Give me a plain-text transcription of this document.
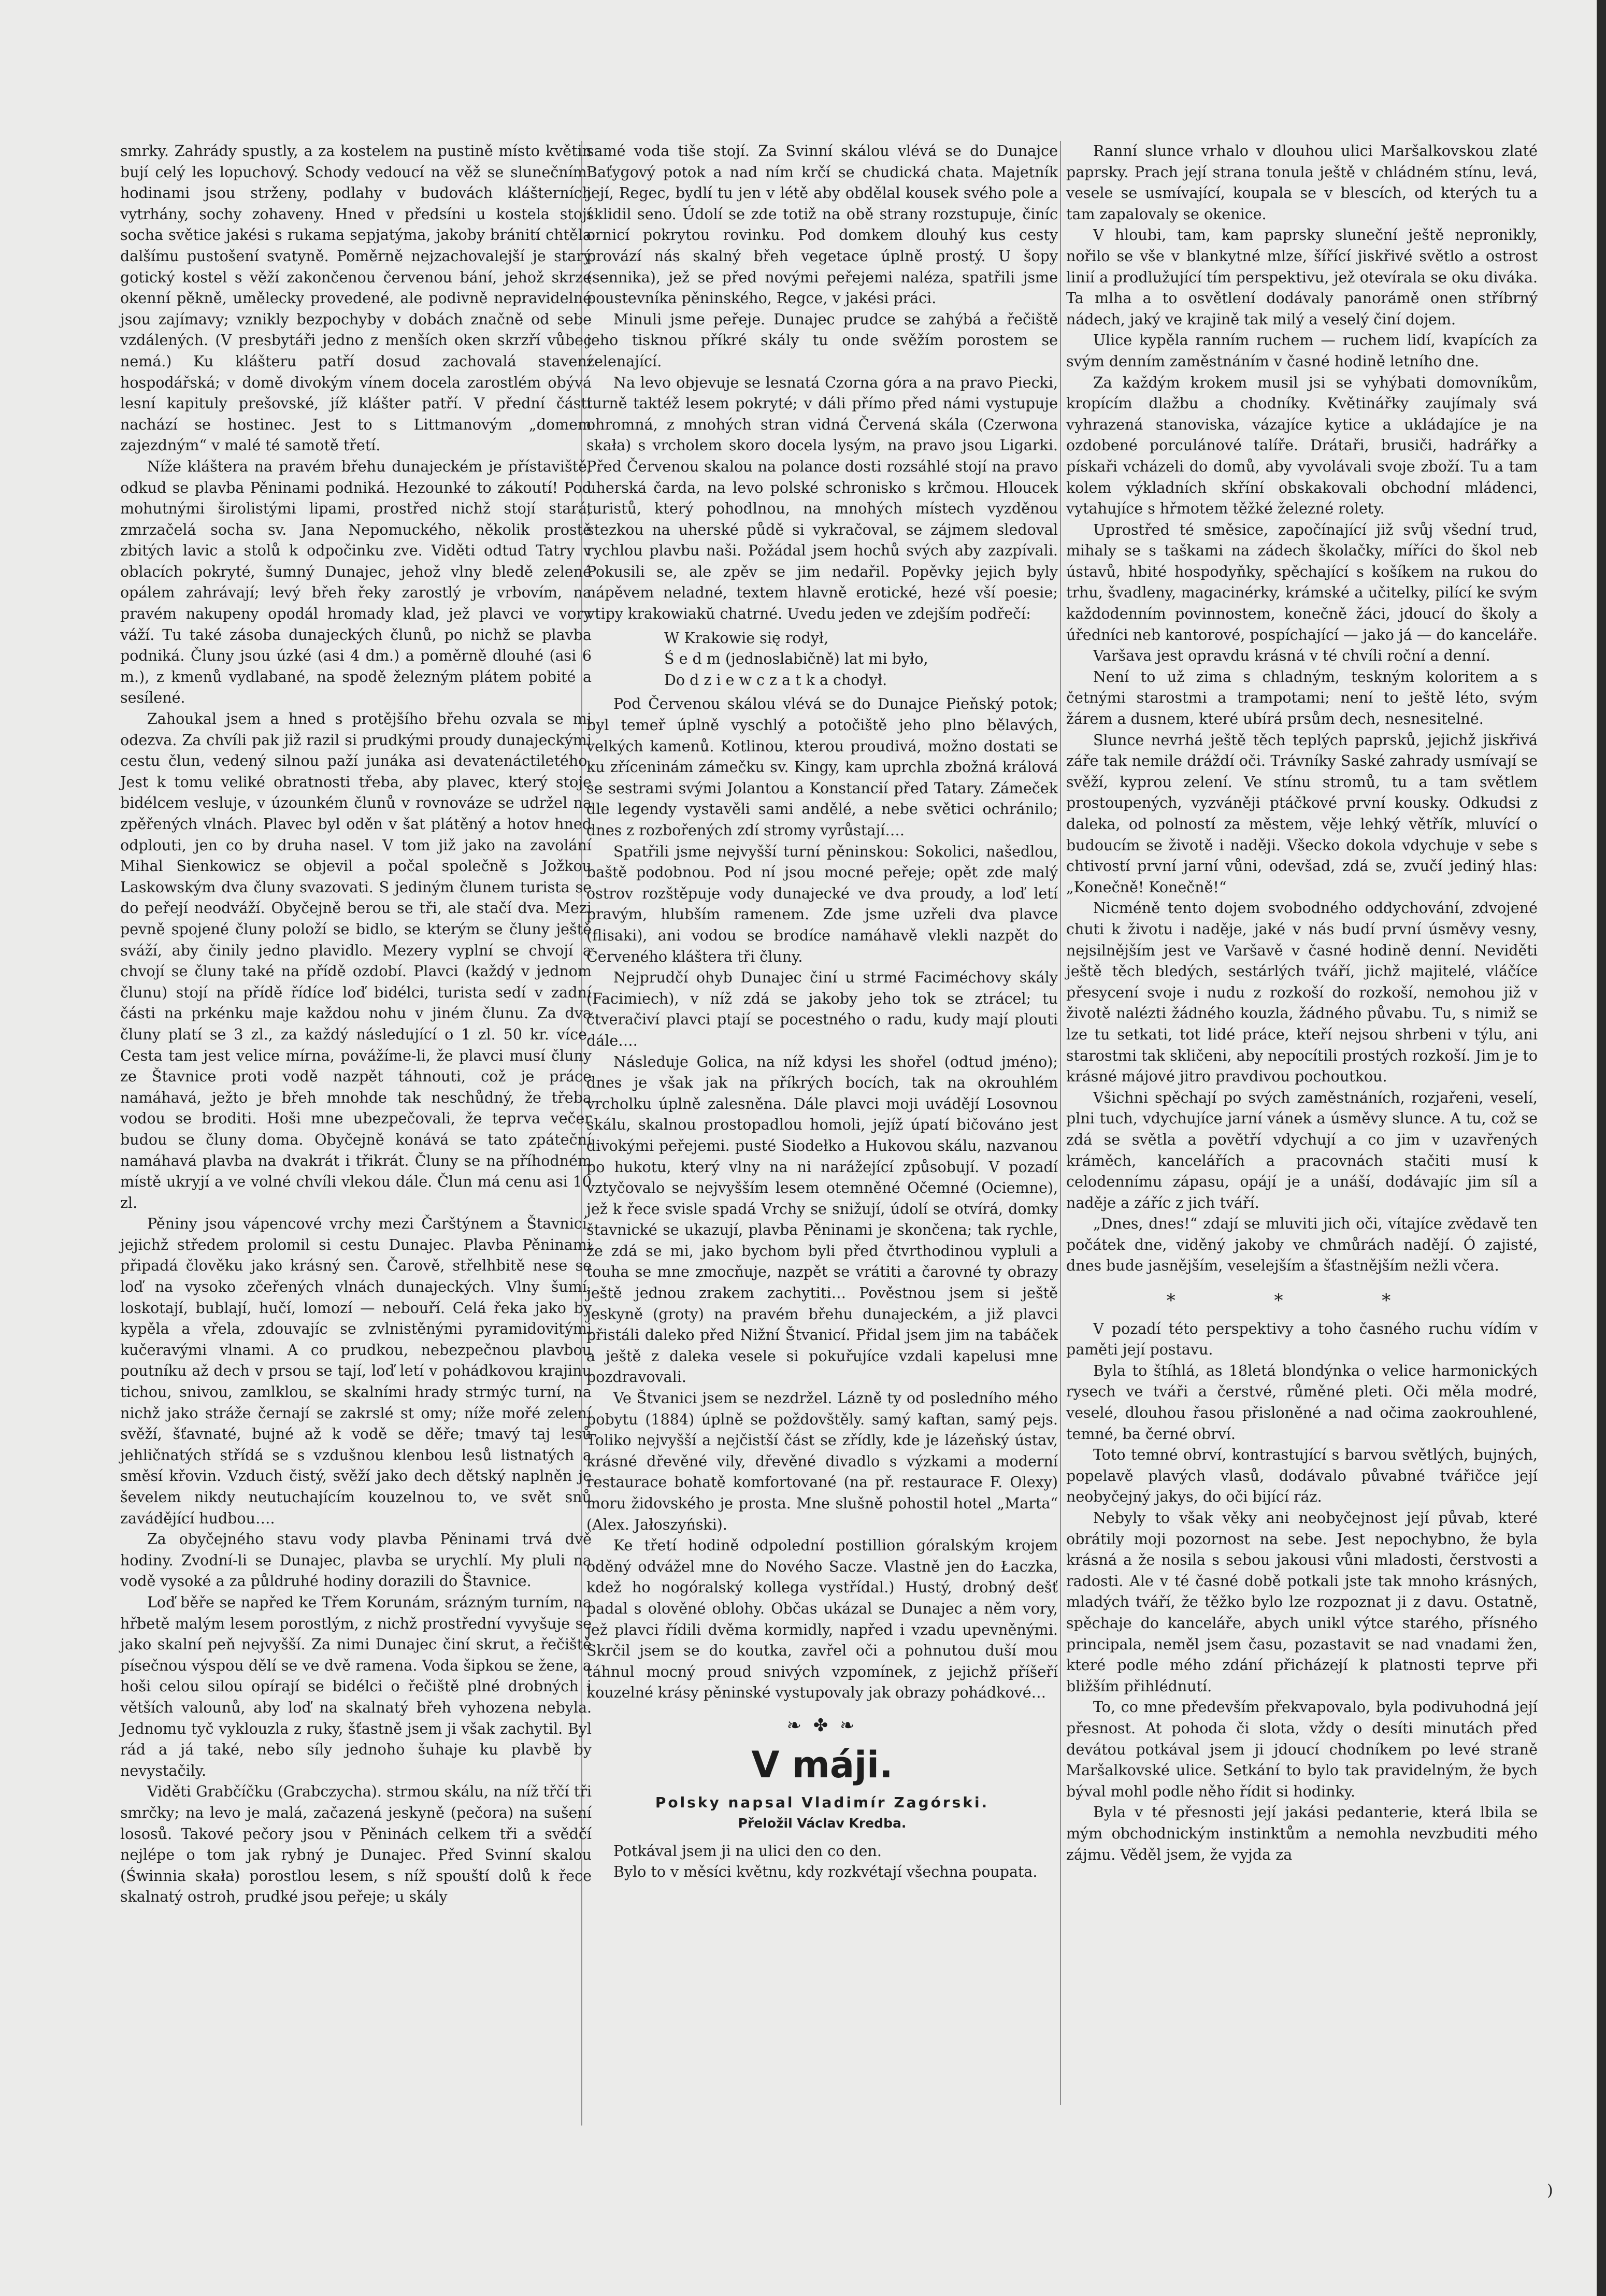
smrky. Zahrády spustly, a za kostelem na pustině místo květin bují celý les lopuchový. Schody vedoucí na věž se slunečními hodinami jsou strženy, podlahy v budovách klášterních vytrhány, sochy zohaveny. Hned v předsíni u kostela stojí socha světice jakési s rukama sepjatýma, jakoby bránití chtěla dalšímu pustošení svatyně. Poměrně nejzachovalejší je starý gotický kostel s věží zakončenou červenou bání, jehož skrze okenní pěkně, umělecky provedené, ale podivně nepravidelné jsou zajímavy; vznikly bezpochyby v dobách značně od sebe vzdálených. (V presbytáři jedno z menších oken skrzří vůbec nemá.) Ku klášteru patří dosud zachovalá stavení hospodářská; v domě divokým vínem docela zarostlém obývá lesní kapituly prešovské, jíž klášter patří. V přední části nachází se hostinec. Jest to s Littmanovým „domem zajezdným“ v malé té samotě třetí.

Níže kláštera na pravém břehu dunajeckém je přístaviště, odkud se plavba Pěninami podniká. Hezounké to zákoutí! Pod mohutnými širolistými lipami, prostřed nichž stojí stará, zmrzačelá socha sv. Jana Nepomuckého, několik prostě zbitých lavic a stolů k odpočinku zve. Viděti odtud Tatry v oblacích pokryté, šumný Dunajec, jehož vlny bledě zelené opálem zahrávají; levý břeh řeky zarostlý je vrbovím, na pravém nakupeny opodál hromady klad, jež plavci ve vory váží. Tu také zásoba dunajeckých člunů, po nichž se plavba podniká. Čluny jsou úzké (asi 4 dm.) a poměrně dlouhé (asi 6 m.), z kmenů vydlabané, na spodě železným plátem pobité a sesílené.

Zahoukal jsem a hned s protějšího břehu ozvala se mi odezva. Za chvíli pak již razil si prudkými proudy dunajeckými cestu člun, vedený silnou paží junáka asi devatenáctiletého. Jest k tomu veliké obratnosti třeba, aby plavec, který stoje bidélcem vesluje, v úzounkém člunů v rovnováze se udržel na zpěřených vlnách. Plavec byl oděn v šat plátěný a hotov hned odplouti, jen co by druha nasel. V tom již jako na zavolání Mihal Sienkowicz se objevil a počal společně s Jožkou Laskowským dva čluny svazovati. S jediným člunem turista se do peřejí neodváží. Obyčejně berou se tři, ale stačí dva. Mezi pevně spojené čluny položí se bidlo, se kterým se čluny ještě sváží, aby činily jedno plavidlo. Mezery vyplní se chvojí a chvojí se čluny také na přídě ozdobí. Plavci (každý v jednom člunu) stojí na přídě řídíce loď bidélci, turista sedí v zadní části na prkénku maje každou nohu v jiném člunu. Za dva čluny platí se 3 zl., za každý následující o 1 zl. 50 kr. více. Cesta tam jest velice mírna, povážíme-li, že plavci musí čluny ze Štavnice proti vodě nazpět táhnouti, což je práce namáhavá, ježto je břeh mnohde tak neschůdný, že třeba vodou se broditi. Hoši mne ubezpečovali, že teprva večer budou se čluny doma. Obyčejně konává se tato zpáteční namáhavá plavba na dvakrát i třikrát. Čluny se na příhodném místě ukryjí a ve volné chvíli vlekou dále. Člun má cenu asi 10 zl.

Pěniny jsou vápencové vrchy mezi Čarštýnem a Štavnicí, jejichž středem prolomil si cestu Dunajec. Plavba Pěninami připadá člověku jako krásný sen. Čarově, střelhbitě nese se loď na vysoko zčeřených vlnách dunajeckých. Vlny šumí, loskotají, bublají, hučí, lomozí — nebouří. Celá řeka jako by kypěla a vřela, zdouvajíc se zvlnistěnými pyramidovitými kučeravými vlnami. A co prudkou, nebezpečnou plavbou poutníku až dech v prsou se tají, loď letí v pohádkovou krajinu tichou, snivou, zamlklou, se skalními hrady strmýc turní, na nichž jako stráže černají se zakrslé st omy; níže mořé zelení svěží, šťavnaté, bujné až k vodě se děře; tmavý taj lesů jehličnatých střídá se s vzdušnou klenbou lesů listnatých a směsí křovin. Vzduch čistý, svěží jako dech dětský naplněn je ševelem nikdy neutuchajícím kouzelnou to, ve svět snů zavádějící hudbou….

Za obyčejného stavu vody plavba Pěninami trvá dvě hodiny. Zvodní-li se Dunajec, plavba se urychlí. My pluli na vodě vysoké a za půldruhé hodiny dorazili do Štavnice.

Loď běře se napřed ke Třem Korunám, srázným turním, na hřbetě malým lesem porostlým, z nichž prostřední vyvyšuje se jako skalní peň nejvyšší. Za nimi Dunajec činí skrut, a řečiště písečnou výspou dělí se ve dvě ramena. Voda šipkou se žene, a hoši celou silou opírají se bidélci o řečiště plné drobných i větších valounů, aby loď na skalnatý břeh vyhozena nebyla. Jednomu tyč vyklouzla z ruky, šťastně jsem ji však zachytil. Byl rád a já také, nebo síly jednoho šuhaje ku plavbě by nevystačily.

Viděti Grabčíčku (Grabczycha). strmou skálu, na níž třčí tři smrčky; na levo je malá, začazená jeskyně (pečora) na sušení lososů. Takové pečory jsou v Pěninách celkem tři a svědčí nejlépe o tom jak rybný je Dunajec. Před Svinní skalou (Świnnia skała) porostlou lesem, s níž spouští dolů k řece skalnatý ostroh, prudké jsou peřeje; u skály

samé voda tiše stojí. Za Svinní skálou vlévá se do Dunajce Baťygový potok a nad ním krčí se chudická chata. Majetník její, Regec, bydlí tu jen v létě aby obdělal kousek svého pole a sklidil seno. Údolí se zde totiž na obě strany rozstupuje, činíc ornicí pokrytou rovinku. Pod domkem dlouhý kus cesty provází nás skalný břeh vegetace úplně prostý. U šopy (sennika), jež se před novými peřejemi naléza, spatřili jsme poustevníka pěninského, Regce, v jakési práci.

Minuli jsme peřeje. Dunajec prudce se zahýbá a řečiště jeho tisknou příkré skály tu onde svěžím porostem se zelenající.

Na levo objevuje se lesnatá Czorna góra a na pravo Piecki, turně taktéž lesem pokryté; v dáli přímo před námi vystupuje ohromná, z mnohých stran vidná Červená skála (Czerwona skała) s vrcholem skoro docela lysým, na pravo jsou Ligarki. Před Červenou skalou na polance dosti rozsáhlé stojí na pravo uherská čarda, na levo polské schronisko s krčmou. Hloucek turistů, který pohodlnou, na mnohých místech vyzděnou stezkou na uherské půdě si vykračoval, se zájmem sledoval rychlou plavbu naši. Požádal jsem hochů svých aby zazpívali. Pokusili se, ale zpěv se jim nedařil. Popěvky jejich byly nápěvem neladné, textem hlavně erotické, hezé vší poesie; vtipy krakowiakŭ chatrné. Uvedu jeden ve zdejším podřečí:

W Krakowie się rodył,
Ś e d m (jednoslabičně) lat mi było,
Do d z i e w c z a t k a chodył.

Pod Červenou skálou vlévá se do Dunajce Pieňský potok; byl temeř úplně vyschlý a potočiště jeho plno bělavých, velkých kamenů. Kotlinou, kterou proudivá, možno dostati se ku zříceninám zámečku sv. Kingy, kam uprchla zbožná králová se sestrami svými Jolantou a Konstancií před Tatary. Zámeček dle legendy vystavěli sami andělé, a nebe světici ochránilo; dnes z rozbořených zdí stromy vyrůstají….

Spatřili jsme nejvyšší turní pěninskou: Sokolici, našedlou, baště podobnou. Pod ní jsou mocné peřeje; opět zde malý ostrov rozštěpuje vody dunajecké ve dva proudy, a loď letí pravým, hlubším ramenem. Zde jsme uzřeli dva plavce (flisaki), ani vodou se brodíce namáhavě vlekli nazpět do Červeného kláštera tři čluny.

Nejprudčí ohyb Dunajec činí u strmé Faciméchovy skály (Facimiech), v níž zdá se jakoby jeho tok se ztrácel; tu čtveračiví plavci ptají se pocestného o radu, kudy mají plouti dále….

Následuje Golica, na níž kdysi les shořel (odtud jméno); dnes je však jak na příkrých bocích, tak na okrouhlém vrcholku úplně zalesněna. Dále plavci moji uvádějí Losovnou skálu, skalnou prostopadlou homoli, jejíž úpatí bičováno jest divokými peřejemi. pusté Siodełko a Hukovou skálu, nazvanou po hukotu, který vlny na ni narážející způsobují. V pozadí vztyčovalo se nejvyšším lesem otemněné Očemné (Ociemne), jež k řece svisle spadá Vrchy se snižují, údolí se otvírá, domky štavnické se ukazují, plavba Pěninami je skončena; tak rychle, že zdá se mi, jako bychom byli před čtvrthodinou vypluli a touha se mne zmocňuje, nazpět se vrátiti a čarovné ty obrazy ještě jednou zrakem zachytiti… Pověstnou jsem si ještě jeskyně (groty) na pravém břehu dunajeckém, a již plavci přistáli daleko před Nižní Štvanicí. Přidal jsem jim na tabáček a ještě z daleka vesele si pokuřujíce vzdali kapelusi mne pozdravovali.

Ve Štvanici jsem se nezdržel. Lázně ty od posledního mého pobytu (1884) úplně se poždovštěly. samý kaftan, samý pejs. Toliko nejvyšší a nejčistší část se zřídly, kde je lázeňský ústav, krásné dřevěné vily, dřevěné divadlo s výzkami a moderní restaurace bohatě komfortované (na př. restaurace F. Olexy) moru židovského je prosta. Mne slušně pohostil hotel „Marta“ (Alex. Jałoszyński).

Ke třetí hodině odpolední postillion góralským krojem oděný odvážel mne do Nového Sacze. Vlastně jen do Łaczka, kdež ho nogóralský kollega vystřídal.) Hustý, drobný dešť padal s olověné oblohy. Občas ukázal se Dunajec a něm vory, jež plavci řídili dvěma kormidly, napřed i vzadu upevněnými. Skrčil jsem se do koutka, zavřel oči a pohnutou duší mou táhnul mocný proud snivých vzpomínek, z jejichž příšeří kouzelné krásy pěninské vystupovaly jak obrazy pohádkové…

❧ ✤ ❧
V máji.
Polsky napsal Vladimír Zagórski.
Přeložil Václav Kredba.

Potkával jsem ji na ulici den co den.

Bylo to v měsíci květnu, kdy rozkvétají všechna poupata.

Ranní slunce vrhalo v dlouhou ulici Maršalkovskou zlaté paprsky. Prach její strana tonula ještě v chládném stínu, levá, vesele se usmívající, koupala se v blescích, od kterých tu a tam zapalovaly se okenice.

V hloubi, tam, kam paprsky sluneční ještě nepronikly, nořilo se vše v blankytné mlze, šířící jiskřivé světlo a ostrost linií a prodlužující tím perspektivu, jež otevírala se oku diváka. Ta mlha a to osvětlení dodávaly panorámě onen stříbrný nádech, jaký ve krajině tak milý a veselý činí dojem.

Ulice kypěla ranním ruchem — ruchem lidí, kvapících za svým denním zaměstnáním v časné hodině letního dne.

Za každým krokem musil jsi se vyhýbati domovníkům, kropícím dlažbu a chodníky. Květinářky zaujímaly svá vyhrazená stanoviska, vázajíce kytice a ukládajíce je na ozdobené porculánové talíře. Drátaři, brusiči, hadrářky a pískaři vcházeli do domů, aby vyvolávali svoje zboží. Tu a tam kolem výkladních skříní obskakovali obchodní mládenci, vytahujíce s hřmotem těžké železné rolety.

Uprostřed té směsice, započínající již svůj všední trud, mihaly se s taškami na zádech školačky, míříci do škol neb ústavů, hbité hospodyňky, spěchající s košíkem na rukou do trhu, švadleny, magacinérky, krámské a učitelky, pilící ke svým každodenním povinnostem, konečně žáci, jdoucí do školy a úředníci neb kantorové, pospíchající — jako já — do kanceláře.

Varšava jest opravdu krásná v té chvíli roční a denní.

Není to už zima s chladným, teskným koloritem a s četnými starostmi a trampotami; není to ještě léto, svým žárem a dusnem, které ubírá prsům dech, nesnesitelné.

Slunce nevrhá ještě těch teplých paprsků, jejichž jiskřivá záře tak nemile dráždí oči. Trávníky Saské zahrady usmívají se svěží, kyprou zelení. Ve stínu stromů, tu a tam světlem prostoupených, vyzváněji ptáčkové první kousky. Odkudsi z daleka, od polností za městem, věje lehký větřík, mluvící o budoucím se životě i naději. Všecko dokola vdychuje v sebe s chtivostí první jarní vůni, odevšad, zdá se, zvučí jediný hlas: „Konečně! Konečně!“

Nicméně tento dojem svobodného oddychování, zdvojené chuti k životu i naděje, jaké v nás budí první úsměvy vesny, nejsilnějším jest ve Varšavě v časné hodině denní. Neviděti ještě těch bledých, sestárlých tváří, jichž majitelé, vláčíce přesycení svoje i nudu z rozkoší do rozkoší, nemohou již v životě nalézti žádného kouzla, žádného půvabu. Tu, s nimiž se lze tu setkati, tot lidé práce, kteří nejsou shrbeni v týlu, ani starostmi tak skličeni, aby nepocítili prostých rozkoší. Jim je to krásné májové jitro pravdivou pochoutkou.

Všichni spěchají po svých zaměstnáních, rozjařeni, veselí, plni tuch, vdychujíce jarní vánek a úsměvy slunce. A tu, což se zdá se světla a povětří vdychují a co jim v uzavřených kráměch, kancelářích a pracovnách stačiti musí k celodennímu zápasu, opájí je a unáší, dodávajíc jim síl a naděje a záříc z jich tváří.

„Dnes, dnes!“ zdají se mluviti jich oči, vítajíce zvědavě ten počátek dne, viděný jakoby ve chmůrách nadějí. Ó zajisté, dnes bude jasnějším, veselejším a šťastnějším nežli včera.

* * *

V pozadí této perspektivy a toho časného ruchu vídím v paměti její postavu.

Byla to štíhlá, as 18letá blondýnka o velice harmonických rysech ve tváři a čerstvé, růměné pleti. Oči měla modré, veselé, dlouhou řasou přislоněné a nad očima zaokrouhlené, temné, ba černé obrví.

Toto temné obrví, kontrastující s barvou světlých, bujných, popelavě plavých vlasů, dodávalo půvabné tvářičce její neobyčejný jakys, do oči bijící ráz.

Nebyly to však věky ani neobyčejnost její půvab, které obrátily moji pozornost na sebe. Jest nepochybno, že byla krásná a že nosila s sebou jakousi vůni mladosti, čerstvosti a radosti. Ale v té časné době potkali jste tak mnoho krásných, mladých tváří, že těžko bylo lze rozpoznat ji z davu. Ostatně, spěchaje do kanceláře, abych unikl výtce starého, přísného principala, neměl jsem času, pozastavit se nad vnadami žen, které podle mého zdání přicházejí k platnosti teprve při bližším přihlédnutí.

To, co mne především překvapovalo, byla podivuhodná její přesnost. At pohoda či slota, vždy o desíti minutách před devátou potkával jsem ji jdoucí chodníkem po levé straně Maršalkovské ulice. Setkání to bylo tak pravidelným, že bych býval mohl podle něho řídit si hodinky.

Byla v té přesnosti její jakási pedanterie, která lbila se mým obchodnickým instinktům a nemohla nevzbuditi mého zájmu. Věděl jsem, že vyjda za

)
